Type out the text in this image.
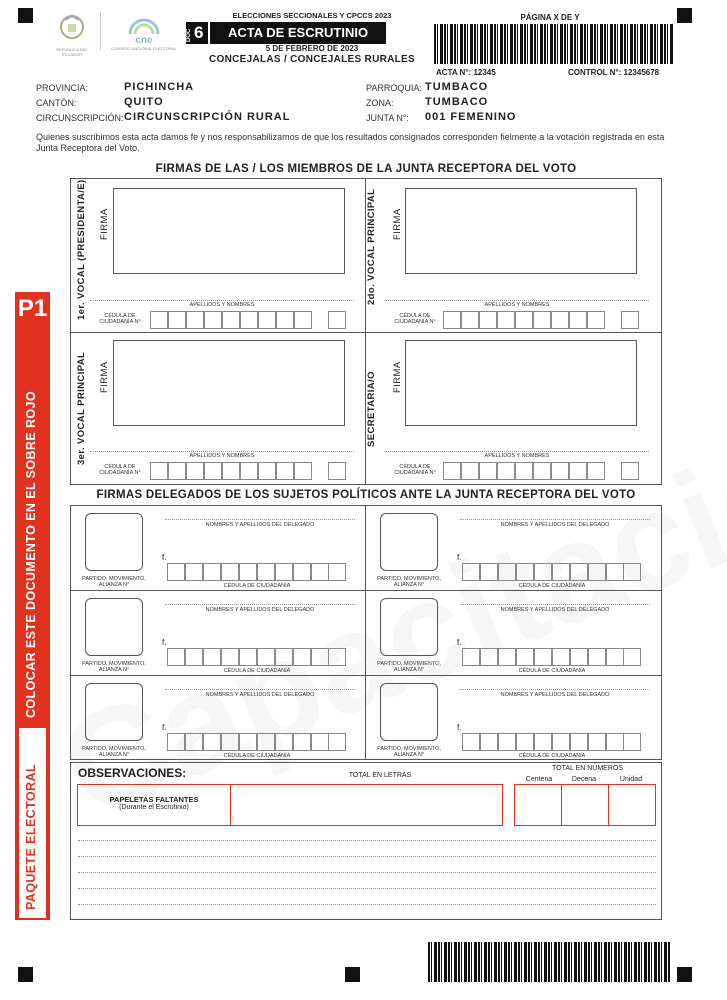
REPÚBLICA DEL ECUADOR
cne
CONSEJO NACIONAL ELECTORAL
ELECCIONES SECCIONALES Y CPCCS 2023
DOC 6	ACTA DE ESCRUTINIO
5 DE FEBRERO DE 2023
CONCEJALAS / CONCEJALES RURALES
PÁGINA X DE Y
ACTA N°: 12345	CONTROL N°: 12345678
PROVINCIA:	PICHINCHA
CANTÓN:	QUITO
CIRCUNSCRIPCIÓN: CIRCUNSCRIPCIÓN RURAL
PARROQUIA: TUMBACO
ZONA:	TUMBACO
JUNTA N°: 001 FEMENINO
Quienes suscribimos esta acta damos fe y nos responsabilizamos de que los resultados consignados corresponden fielmente a la votación registrada en esta Junta Receptora del Voto.
P1
COLOCAR ESTE DOCUMENTO EN EL SOBRE ROJO
PAQUETE ELECTORAL
FIRMAS DE LAS / LOS MIEMBROS DE LA JUNTA RECEPTORA DEL VOTO
1er. VOCAL (PRESIDENTA/E) FIRMA
APELLIDOS Y NOMBRES
CÉDULA DE CIUDADANÍA N°
2do. VOCAL PRINCIPAL FIRMA
APELLIDOS Y NOMBRES
CÉDULA DE CIUDADANÍA N°
3er. VOCAL PRINCIPAL FIRMA
APELLIDOS Y NOMBRES
CÉDULA DE CIUDADANÍA N°
SECRETARIA/O FIRMA
APELLIDOS Y NOMBRES
CÉDULA DE CIUDADANÍA N°
FIRMAS DELEGADOS DE LOS SUJETOS POLÍTICOS ANTE LA JUNTA RECEPTORA DEL VOTO
PARTIDO, MOVIMIENTO, ALIANZA N°
NOMBRES Y APELLIDOS DEL DELEGADO
f.
CÉDULA DE CIUDADANÍA
PARTIDO, MOVIMIENTO, ALIANZA N°
NOMBRES Y APELLIDOS DEL DELEGADO
f.
CÉDULA DE CIUDADANÍA
PARTIDO, MOVIMIENTO, ALIANZA N°
NOMBRES Y APELLIDOS DEL DELEGADO
f.
CÉDULA DE CIUDADANÍA
PARTIDO, MOVIMIENTO, ALIANZA N°
NOMBRES Y APELLIDOS DEL DELEGADO
f.
CÉDULA DE CIUDADANÍA
PARTIDO, MOVIMIENTO, ALIANZA N°
NOMBRES Y APELLIDOS DEL DELEGADO
f.
CÉDULA DE CIUDADANÍA
PARTIDO, MOVIMIENTO, ALIANZA N°
NOMBRES Y APELLIDOS DEL DELEGADO
f.
CÉDULA DE CIUDADANÍA
OBSERVACIONES:	TOTAL EN LETRAS
TOTAL EN NÚMEROS
Centena	Decena	Unidad
PAPELETAS FALTANTES
(Durante el Escrutinio)
